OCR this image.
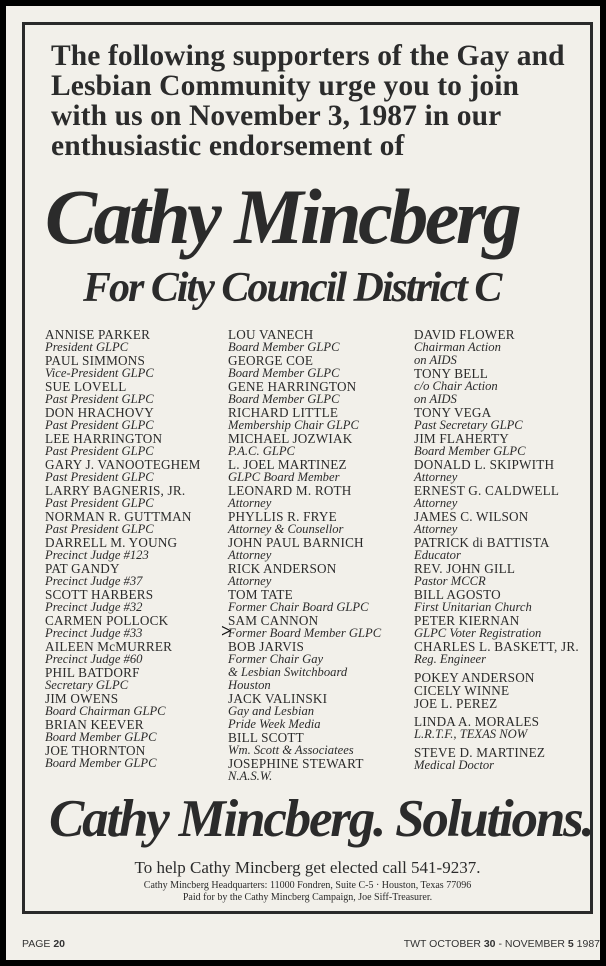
The following supporters of the Gay and
Lesbian Community urge you to join
with us on November 3, 1987 in our
enthusiastic endorsement of
Cathy Mincberg
For City Council District C
ANNISE PARKER
President GLPC
PAUL SIMMONS
Vice-President GLPC
SUE LOVELL
Past President GLPC
DON HRACHOVY
Past President GLPC
LEE HARRINGTON
Past President GLPC
GARY J. VANOOTEGHEM
Past President GLPC
LARRY BAGNERIS, JR.
Past President GLPC
NORMAN R. GUTTMAN
Past President GLPC
DARRELL M. YOUNG
Precinct Judge #123
PAT GANDY
Precinct Judge #37
SCOTT HARBERS
Precinct Judge #32
CARMEN POLLOCK
Precinct Judge #33
AILEEN McMURRER
Precinct Judge #60
PHIL BATDORF
Secretary GLPC
JIM OWENS
Board Chairman GLPC
BRIAN KEEVER
Board Member GLPC
JOE THORNTON
Board Member GLPC
LOU VANECH
Board Member GLPC
GEORGE COE
Board Member GLPC
GENE HARRINGTON
Board Member GLPC
RICHARD LITTLE
Membership Chair GLPC
MICHAEL JOZWIAK
P.A.C. GLPC
L. JOEL MARTINEZ
GLPC Board Member
LEONARD M. ROTH
Attorney
PHYLLIS R. FRYE
Attorney & Counsellor
JOHN PAUL BARNICH
Attorney
RICK ANDERSON
Attorney
TOM TATE
Former Chair Board GLPC
SAM CANNON
Former Board Member GLPC
BOB JARVIS
Former Chair Gay
& Lesbian Switchboard
Houston
JACK VALINSKI
Gay and Lesbian
Pride Week Media
BILL SCOTT
Wm. Scott & Associatees
JOSEPHINE STEWART
N.A.S.W.
DAVID FLOWER
Chairman Action
on AIDS
TONY BELL
c/o Chair Action
on AIDS
TONY VEGA
Past Secretary GLPC
JIM FLAHERTY
Board Member GLPC
DONALD L. SKIPWITH
Attorney
ERNEST G. CALDWELL
Attorney
JAMES C. WILSON
Attorney
PATRICK di BATTISTA
Educator
REV. JOHN GILL
Pastor MCCR
BILL AGOSTO
First Unitarian Church
PETER KIERNAN
GLPC Voter Registration
CHARLES L. BASKETT, JR.
Reg. Engineer
POKEY ANDERSON
CICELY WINNE
JOE L. PEREZ
LINDA A. MORALES
L.R.T.F., TEXAS NOW
STEVE D. MARTINEZ
Medical Doctor
>
Cathy Mincberg. Solutions.
To help Cathy Mincberg get elected call 541-9237.
Cathy Mincberg Headquarters: 11000 Fondren, Suite C-5 · Houston, Texas 77096
Paid for by the Cathy Mincberg Campaign, Joe Siff-Treasurer.
PAGE 20	TWT OCTOBER 30 - NOVEMBER 5 1987
